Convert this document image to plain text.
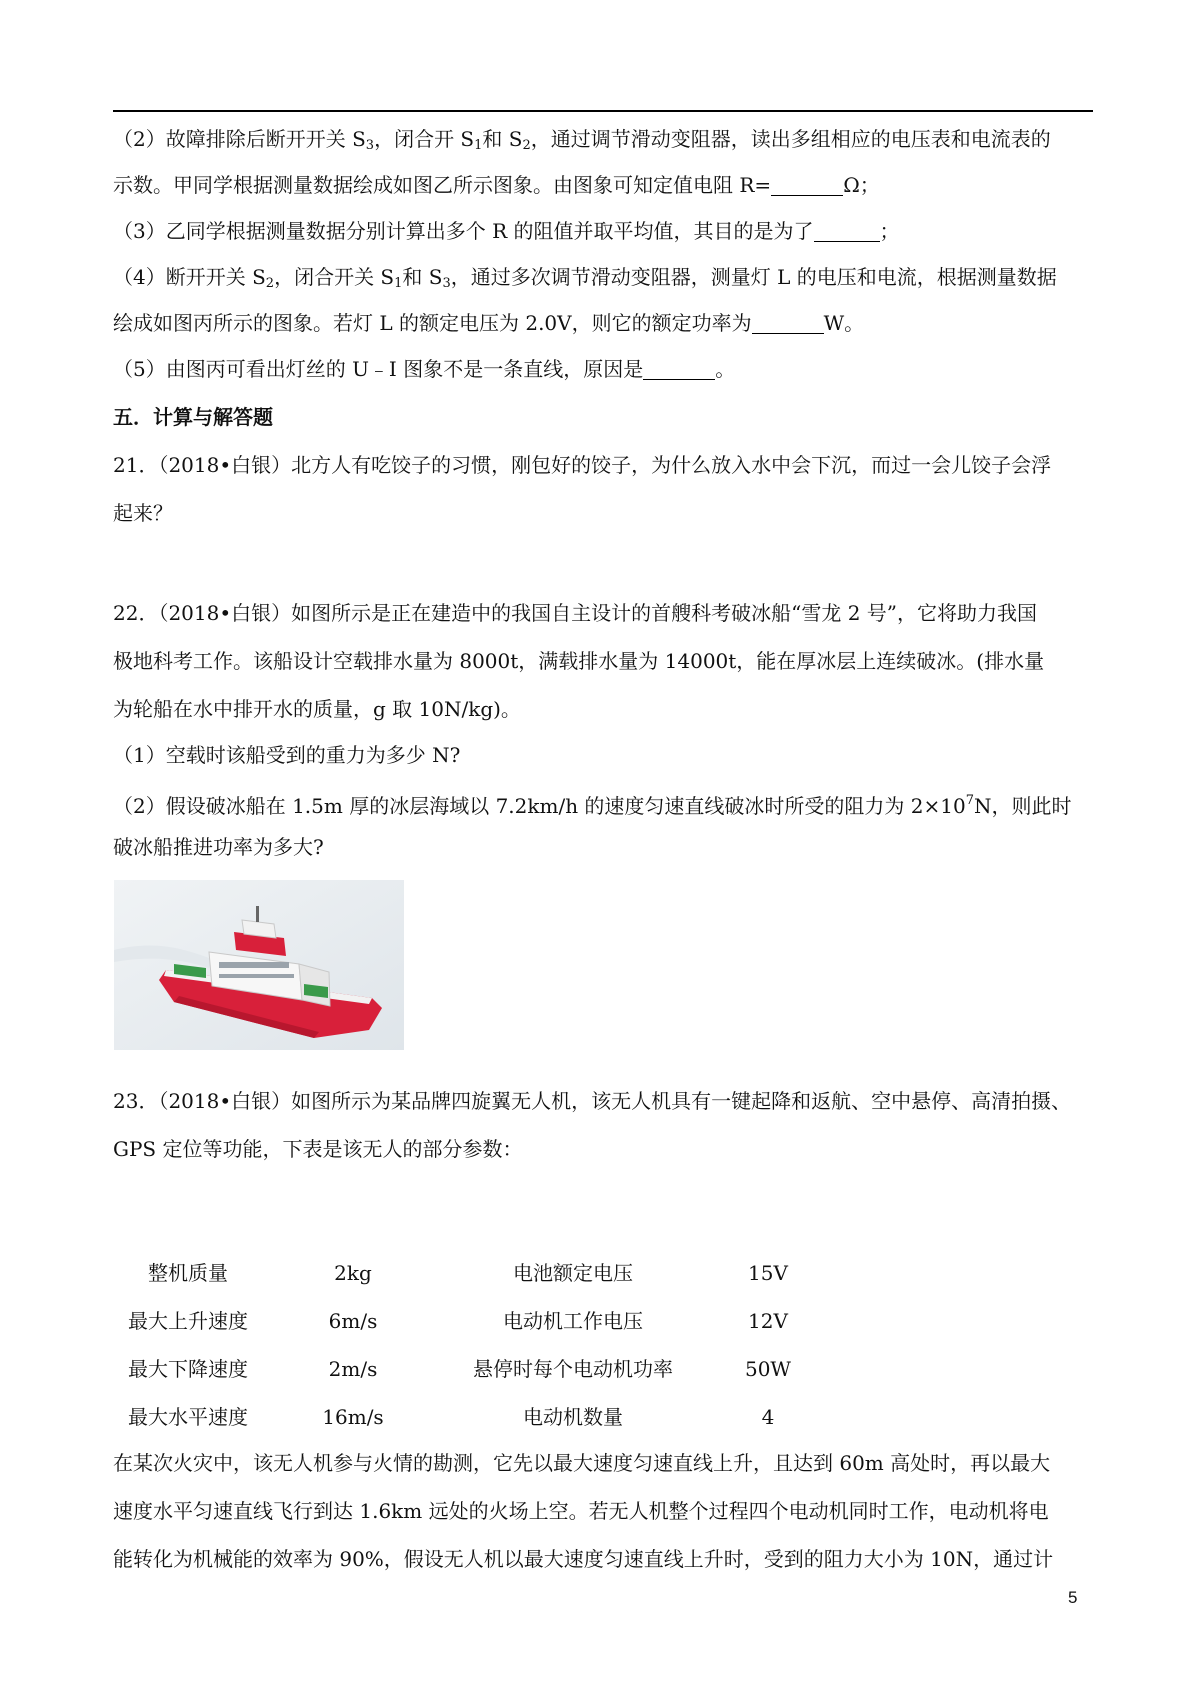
（2）故障排除后断开开关 $S_3$，闭合开 $S_1$和 $S_2$，通过调节滑动变阻器，读出多组相应的电压表和电流表的
示数。甲同学根据测量数据绘成如图乙所示图象。由图象可知定值电阻 R=	Ω；
（3）乙同学根据测量数据分别计算出多个 R 的阻值并取平均值，其目的是为了	；
（4）断开开关 $S_2$，闭合开关 $S_1$和 $S_3$，通过多次调节滑动变阻器，测量灯 L 的电压和电流，根据测量数据
绘成如图丙所示的图象。若灯 L 的额定电压为 2.0V，则它的额定功率为	W。
（5）由图丙可看出灯丝的 U﹣I 图象不是一条直线，原因是	。
五．计算与解答题
21．（2018•白银）北方人有吃饺子的习惯，刚包好的饺子，为什么放入水中会下沉，而过一会儿饺子会浮
起来？
22．（2018•白银）如图所示是正在建造中的我国自主设计的首艘科考破冰船“雪龙 2 号”，它将助力我国
极地科考工作。该船设计空载排水量为 8000t，满载排水量为 14000t，能在厚冰层上连续破冰。(排水量
为轮船在水中排开水的质量，g 取 10N/kg)。
（1）空载时该船受到的重力为多少 N?
（2）假设破冰船在 1.5m 厚的冰层海域以 7.2km/h 的速度匀速直线破冰时所受的阻力为 $2\times 10^7N$，则此时
破冰船推进功率为多大?
23．（2018•白银）如图所示为某品牌四旋翼无人机，该无人机具有一键起降和返航、空中悬停、高清拍摄、
GPS 定位等功能，下表是该无人的部分参数：
整机质量	2kg	电池额定电压	15V
最大上升速度	6m/s	电动机工作电压	12V
最大下降速度	2m/s	悬停时每个电动机功率	50W
最大水平速度	16m/s	电动机数量	4
在某次火灾中，该无人机参与火情的勘测，它先以最大速度匀速直线上升，且达到 60m 高处时，再以最大
速度水平匀速直线飞行到达 1.6km 远处的火场上空。若无人机整个过程四个电动机同时工作，电动机将电
能转化为机械能的效率为 90%，假设无人机以最大速度匀速直线上升时，受到的阻力大小为 10N，通过计
5
